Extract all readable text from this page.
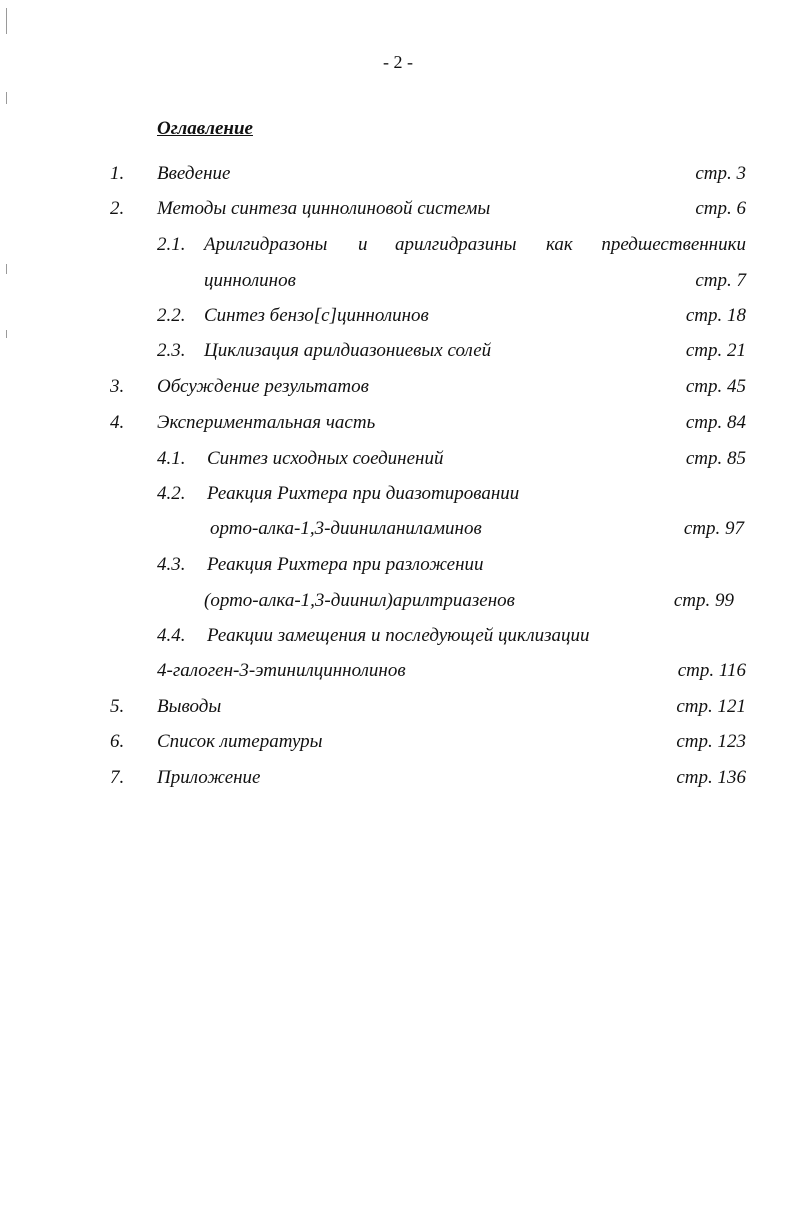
- 2 -
Оглавление
1. Введение	стр. 3
2. Методы синтеза циннолиновой системы	стр. 6
2.1. Арилгидразоны и арилгидразины как предшественники
циннолинов	стр. 7
2.2. Синтез бензо[c]циннолинов	стр. 18
2.3. Циклизация арилдиазониевых солей	стр. 21
3. Обсуждение результатов	стр. 45
4. Экспериментальная часть	стр. 84
4.1. Синтез исходных соединений	стр. 85
4.2. Реакция Рихтера при диазотировании
орто-алка-1,3-дииниланиламинов	стр. 97
4.3. Реакция Рихтера при разложении
(орто-алка-1,3-диинил)арилтриазенов	стр. 99
4.4. Реакции замещения и последующей циклизации
4-галоген-3-этинилциннолинов	стр. 116
5. Выводы	стр. 121
6. Список литературы	стр. 123
7. Приложение	стр. 136
